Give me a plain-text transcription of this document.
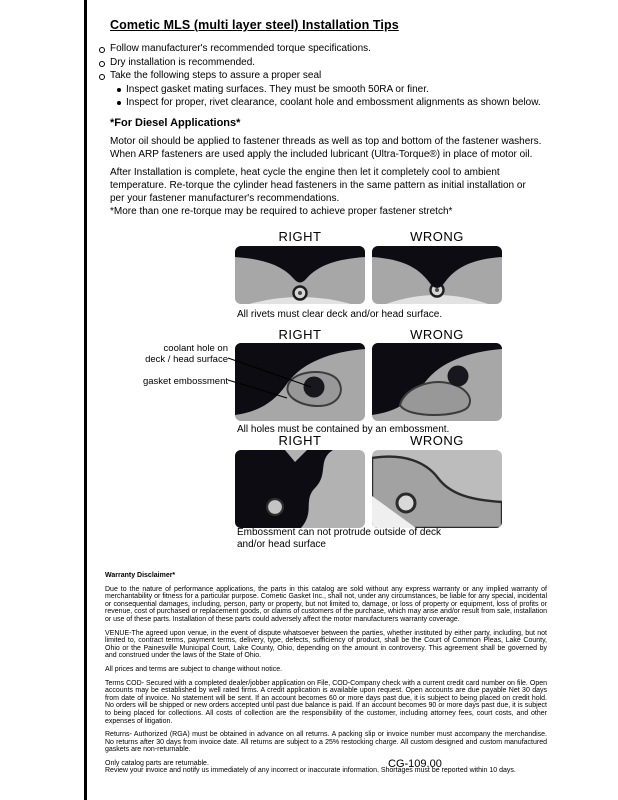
Cometic MLS (multi layer steel) Installation Tips
Follow manufacturer's recommended torque specifications.
Dry installation is recommended.
Take the following steps to assure a proper seal
Inspect gasket mating surfaces. They must be smooth 50RA or finer.
Inspect for proper, rivet clearance, coolant hole and embossment alignments as shown below.
*For Diesel Applications*
Motor oil should be applied to fastener threads as well as top and bottom of the fastener washers. When ARP fasteners are used apply the included lubricant (Ultra-Torque®) in place of motor oil.
After Installation is complete, heat cycle the engine then let it completely cool to ambient temperature. Re-torque the cylinder head fasteners in the same pattern as initial installation or per your fastener manufacturer's recommendations.
*More than one re-torque may be required to achieve proper fastener stretch*
RIGHT	WRONG
All rivets must clear deck and/or head surface.
RIGHT	WRONG
coolant hole on
deck / head surface
gasket embossment
All holes must be contained by an embossment.
RIGHT	WRONG
Embossment can not protrude outside of deck and/or head surface
Warranty Disclaimer*
Due to the nature of performance applications, the parts in this catalog are sold without any express warranty or any implied warranty of merchantability or fitness for a particular purpose. Cometic Gasket Inc., shall not, under any circumstances, be liable for any special, incidental or consequential damages, including, person, party or property, but not limited to, damage, or loss of property or equipment, loss of profits or revenue, cost of purchased or replacement goods, or claims of customers of the purchase, which may arise and/or result from sale, installation or use of these parts. Installation of these parts could adversely affect the motor manufacturers warranty coverage.
VENUE-The agreed upon venue, in the event of dispute whatsoever between the parties, whether instituted by either party, including, but not limited to, contract terms, payment terms, delivery, type, defects, sufficiency of product, shall be the Court of Common Pleas, Lake County, Ohio or the Painesville Municipal Court, Lake County, Ohio, depending on the amount in controversy. This agreement shall be governed by and construed under the laws of the State of Ohio.
All prices and terms are subject to change without notice.
Terms COD- Secured with a completed dealer/jobber application on File, COD-Company check with a current credit card number on file. Open accounts may be established by well rated firms. A credit application is available upon request. Open accounts are due payable Net 30 days from date of invoice. No statement will be sent. If an account becomes 60 or more days past due, it is subject to being placed on credit hold. No orders will be shipped or new orders accepted until past due balance is paid. If an account becomes 90 or more days past due, it is subject to being placed for collections. All costs of collection are the responsibility of the customer, including attorney fees, court costs, and other expenses of litigation.
Returns- Authorized (RGA) must be obtained in advance on all returns. A packing slip or invoice number must accompany the merchandise. No returns after 30 days from invoice date. All returns are subject to a 25% restocking charge. All custom designed and custom manufactured gaskets are non-returnable.
Only catalog parts are returnable.
Review your invoice and notify us immediately of any incorrect or inaccurate information. Shortages must be reported within 10 days.
CG-109.00
